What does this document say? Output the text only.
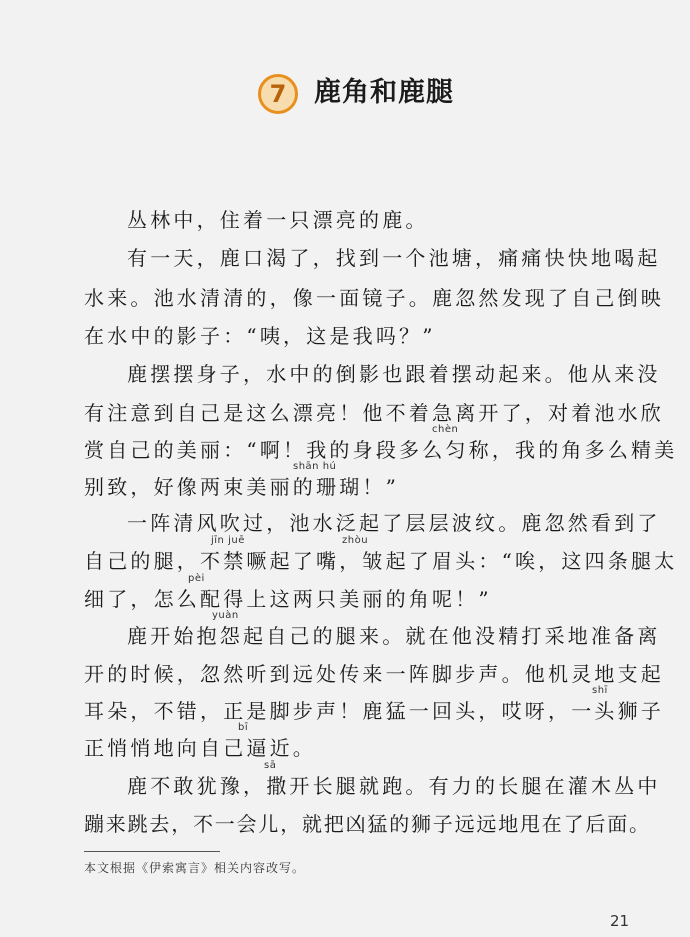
7	鹿角和鹿腿
丛林中，住着一只漂亮的鹿。
有一天，鹿口渴了，找到一个池塘，痛痛快快地喝起
水来。池水清清的，像一面镜子。鹿忽然发现了自己倒映
在水中的影子：“咦，这是我吗？”
鹿摆摆身子，水中的倒影也跟着摆动起来。他从来没
有注意到自己是这么漂亮！他不着急离开了，对着池水欣
chèn
赏自己的美丽：“啊！我的身段多么匀称，我的角多么精美
shān hú
别致，好像两束美丽的珊瑚！”
一阵清风吹过，池水泛起了层层波纹。鹿忽然看到了
jīn juē	zhòu
自己的腿，不禁噘起了嘴，皱起了眉头：“唉，这四条腿太
pèi
细了，怎么配得上这两只美丽的角呢！”
yuàn
鹿开始抱怨起自己的腿来。就在他没精打采地准备离
开的时候，忽然听到远处传来一阵脚步声。他机灵地支起
shī
耳朵，不错，正是脚步声！鹿猛一回头，哎呀，一头狮子
bī
正悄悄地向自己逼近。
sā
鹿不敢犹豫，撒开长腿就跑。有力的长腿在灌木丛中
蹦来跳去，不一会儿，就把凶猛的狮子远远地甩在了后面。
本文根据《伊索寓言》相关内容改写。
21
